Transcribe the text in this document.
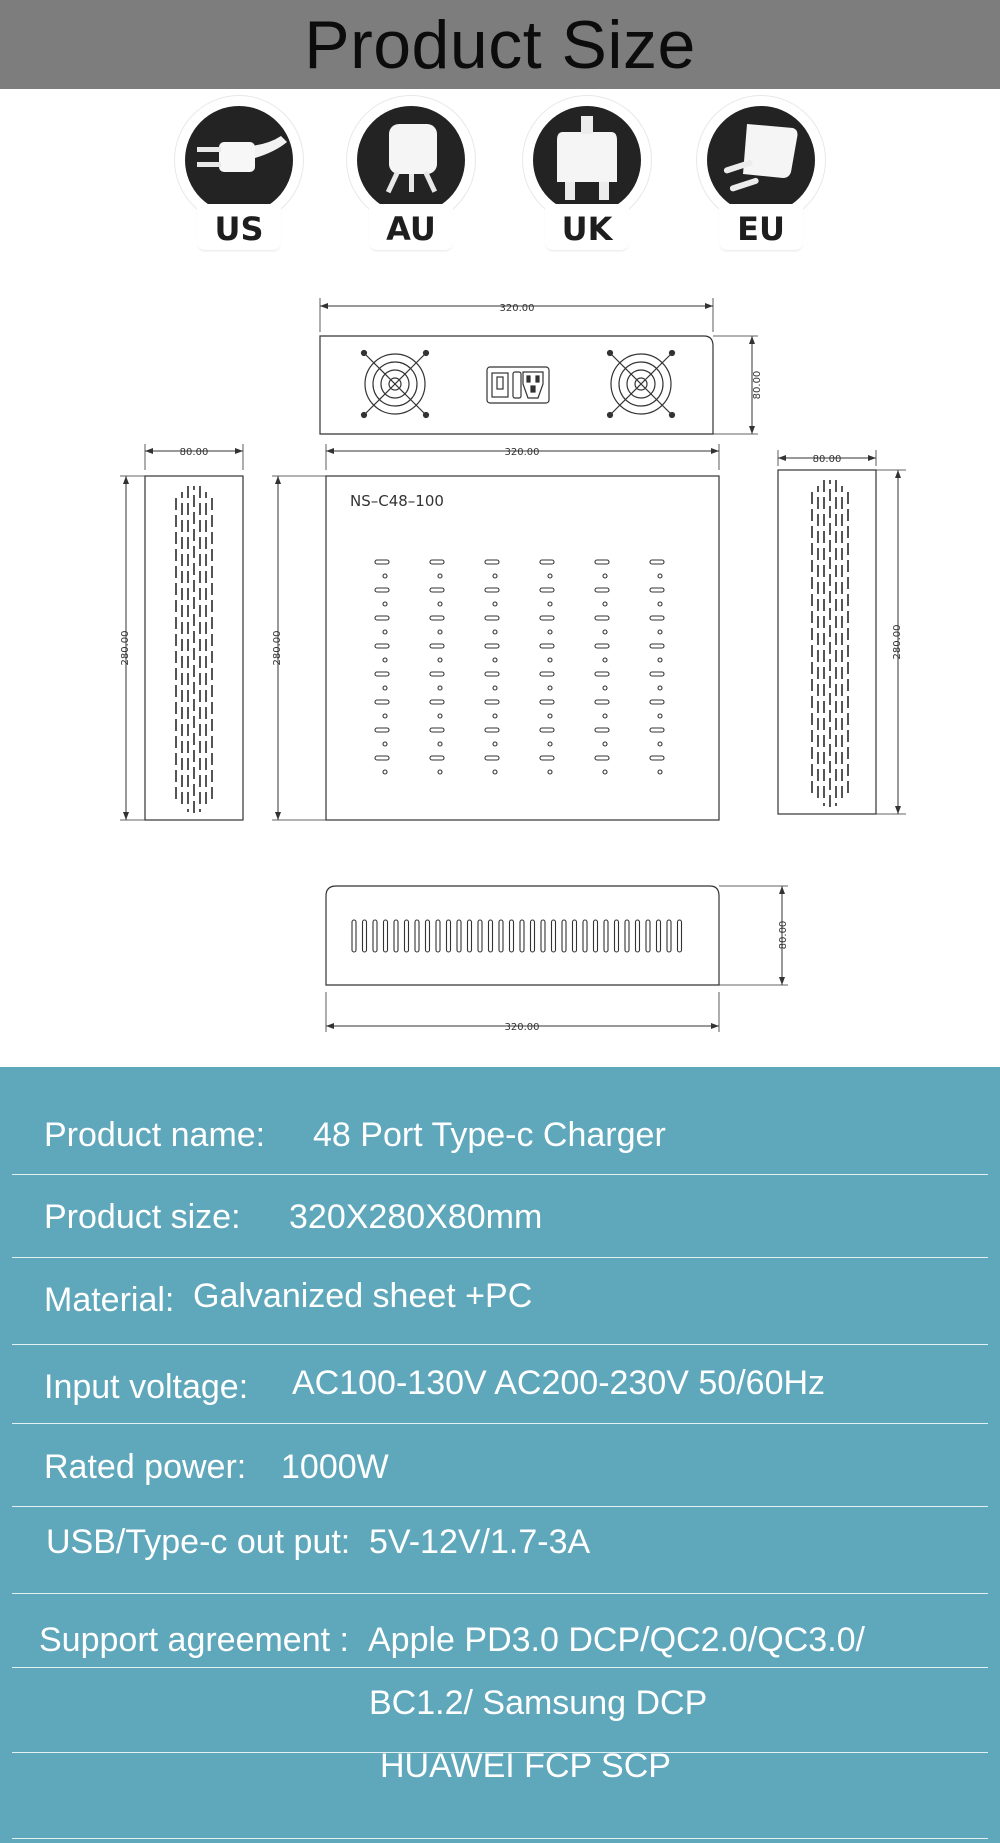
Product Size
US	AU	UK	EU
320.00
80.00
80.00
280.00
320.00
280.00
NS–C48–100
80.00
280.00
80.00
320.00
Product name: 48 Port Type-c Charger
Product size: 320X280X80mm
Material: Galvanized sheet +PC
Input voltage: AC100-130V AC200-230V 50/60Hz
Rated power: 1000W
USB/Type-c out put: 5V-12V/1.7-3A
Support agreement : Apple PD3.0 DCP/QC2.0/QC3.0/
BC1.2/ Samsung DCP
HUAWEI FCP SCP
